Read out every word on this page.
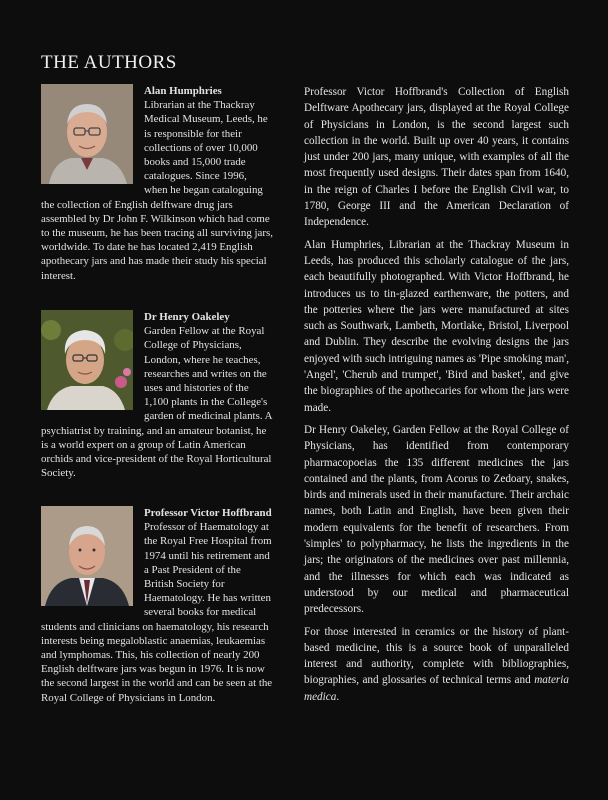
THE AUTHORS

Alan Humphries
Librarian at the Thackray Medical Museum, Leeds, he is responsible for their collections of over 10,000 books and 15,000 trade catalogues. Since 1996, when he began cataloguing the collection of English delftware drug jars assembled by Dr John F. Wilkinson which had come to the museum, he has been tracing all surviving jars, worldwide. To date he has located 2,419 English apothecary jars and has made their study his special interest.

Dr Henry Oakeley
Garden Fellow at the Royal College of Physicians, London, where he teaches, researches and writes on the uses and histories of the 1,100 plants in the College's garden of medicinal plants. A psychiatrist by training, and an amateur botanist, he is a world expert on a group of Latin American orchids and vice-president of the Royal Horticultural Society.

Professor Victor Hoffbrand
Professor of Haematology at the Royal Free Hospital from 1974 until his retirement and a Past President of the British Society for Haematology. He has written several books for medical students and clinicians on haematology, his research interests being megaloblastic anaemias, leukaemias and lymphomas. This, his collection of nearly 200 English delftware jars was begun in 1976. It is now the second largest in the world and can be seen at the Royal College of Physicians in London.

Professor Victor Hoffbrand's Collection of English Delftware Apothecary jars, displayed at the Royal College of Physicians in London, is the second largest such collection in the world. Built up over 40 years, it contains just under 200 jars, many unique, with examples of all the most frequently used designs. Their dates span from 1640, in the reign of Charles I before the English Civil war, to 1780, George III and the American Declaration of Independence.

Alan Humphries, Librarian at the Thackray Museum in Leeds, has produced this scholarly catalogue of the jars, each beautifully photographed. With Victor Hoffbrand, he introduces us to tin-glazed earthenware, the potters, and the potteries where the jars were manufactured at sites such as Southwark, Lambeth, Mortlake, Bristol, Liverpool and Dublin. They describe the evolving designs the jars enjoyed with such intriguing names as 'Pipe smoking man', 'Angel', 'Cherub and trumpet', 'Bird and basket', and give the biographies of the apothecaries for whom the jars were made.

Dr Henry Oakeley, Garden Fellow at the Royal College of Physicians, has identified from contemporary pharmacopoeias the 135 different medicines the jars contained and the plants, from Acorus to Zedoary, snakes, birds and minerals used in their manufacture. Their archaic names, both Latin and English, have been given their modern equivalents for the benefit of researchers. From 'simples' to polypharmacy, he lists the ingredients in the jars; the originators of the medicines over past millennia, and the illnesses for which each was indicated as understood by our medical and pharmaceutical predecessors.

For those interested in ceramics or the history of plant-based medicine, this is a source book of unparalleled interest and authority, complete with bibliographies, biographies, and glossaries of technical terms and materia medica.
